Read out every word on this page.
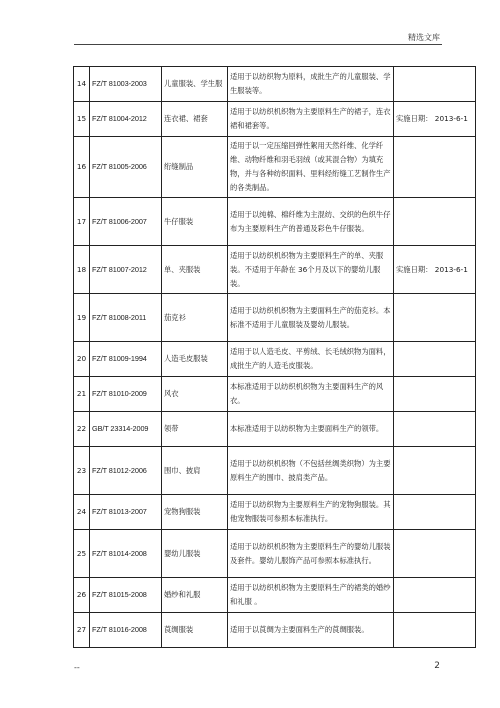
精选文库
14	FZ/T 81003-2003	儿童服装、学生服	适用于以纺织物为原料，成批生产的儿童服装、学生服装等。	
15	FZ/T 81004-2012	连衣裙、裙套	适用于以纺织机织物为主要原料生产的裙子，连衣裙和裙套等。	实施日期： 2013-6-1
16	FZ/T 81005-2006	绗缝制品	适用于以一定压缩回弹性絮用天然纤维、化学纤维、动物纤维和羽毛羽绒（或其混合物）为填充物，并与各种纺织面料、里料经绗缝工艺制作生产的各类制品。	
17	FZ/T 81006-2007	牛仔服装	适用于以纯棉、棉纤维为主混纺、交织的色织牛仔布为主要原料生产的普通及彩色牛仔服装。	
18	FZ/T 81007-2012	单、夹服装	适用于以纺织机织物为主要原料生产的单、夹服装。不适用于年龄在 36个月及以下的婴幼儿服装。	实施日期： 2013-6-1
19	FZ/T 81008-2011	茄克衫	适用于以纺织机织物为主要面料生产的茄克衫。本标准不适用于儿童服装及婴幼儿服装。	
20	FZ/T 81009-1994	人造毛皮服装	适用于以人造毛皮、平剪绒、长毛绒织物为面料，成批生产的人造毛皮服装。	
21	FZ/T 81010-2009	风衣	本标准适用于以纺织机织物为主要面料生产的风衣。	
22	GB/T 23314-2009	领带	本标准适用于以纺织物为主要面料生产的领带。	
23	FZ/T 81012-2006	围巾、披肩	适用于以纺织机织物（不包括丝绸类织物）为主要原料生产的围巾、披肩类产品。	
24	FZ/T 81013-2007	宠物狗服装	适用于以纺织物为主要原料生产的宠物狗服装。其他宠物服装可参照本标准执行。	
25	FZ/T 81014-2008	婴幼儿服装	适用于以纺织机织物为主要原料生产的婴幼儿服装及套件。婴幼儿服饰产品可参照本标准执行。	
26	FZ/T 81015-2008	婚纱和礼服	适用于以纺织机织物为主要原料生产的裙类的婚纱和礼服 。	
27	FZ/T 81016-2008	莨绸服装	适用于以莨绸为主要面料生产的莨绸服装。	
--	2
